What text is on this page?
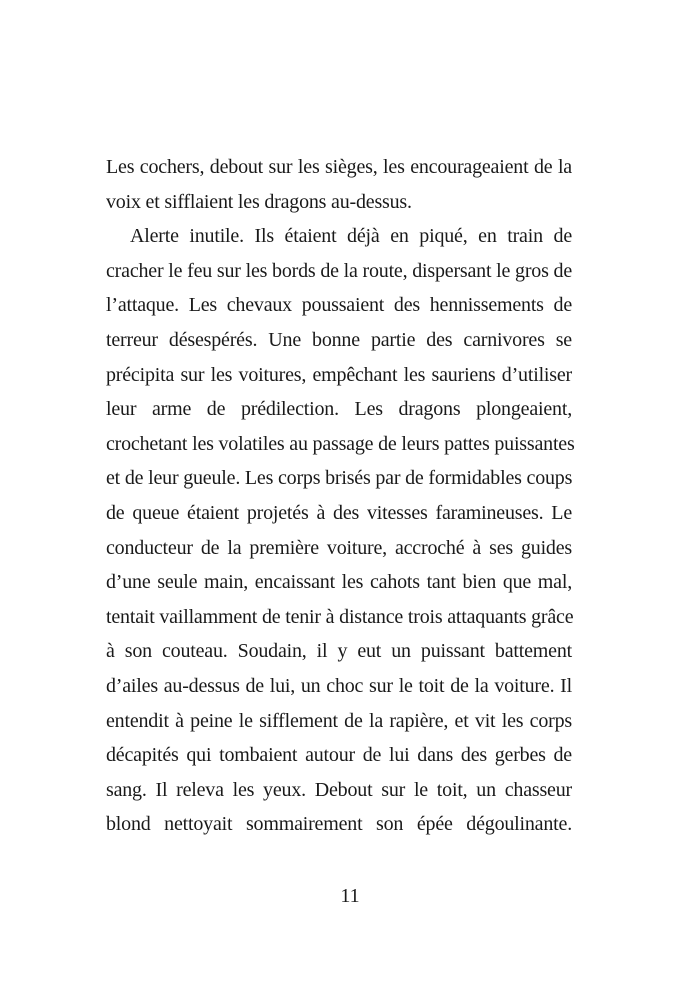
Les cochers, debout sur les sièges, les encourageaient de la
voix et sifflaient les dragons au-dessus.
Alerte inutile. Ils étaient déjà en piqué, en train de
cracher le feu sur les bords de la route, dispersant le gros de
l’attaque. Les chevaux poussaient des hennissements de
terreur désespérés. Une bonne partie des carnivores se
précipita sur les voitures, empêchant les sauriens d’utiliser
leur arme de prédilection. Les dragons plongeaient,
crochetant les volatiles au passage de leurs pattes puissantes
et de leur gueule. Les corps brisés par de formidables coups
de queue étaient projetés à des vitesses faramineuses. Le
conducteur de la première voiture, accroché à ses guides
d’une seule main, encaissant les cahots tant bien que mal,
tentait vaillamment de tenir à distance trois attaquants grâce
à son couteau. Soudain, il y eut un puissant battement
d’ailes au-dessus de lui, un choc sur le toit de la voiture. Il
entendit à peine le sifflement de la rapière, et vit les corps
décapités qui tombaient autour de lui dans des gerbes de
sang. Il releva les yeux. Debout sur le toit, un chasseur
blond nettoyait sommairement son épée dégoulinante.
11
